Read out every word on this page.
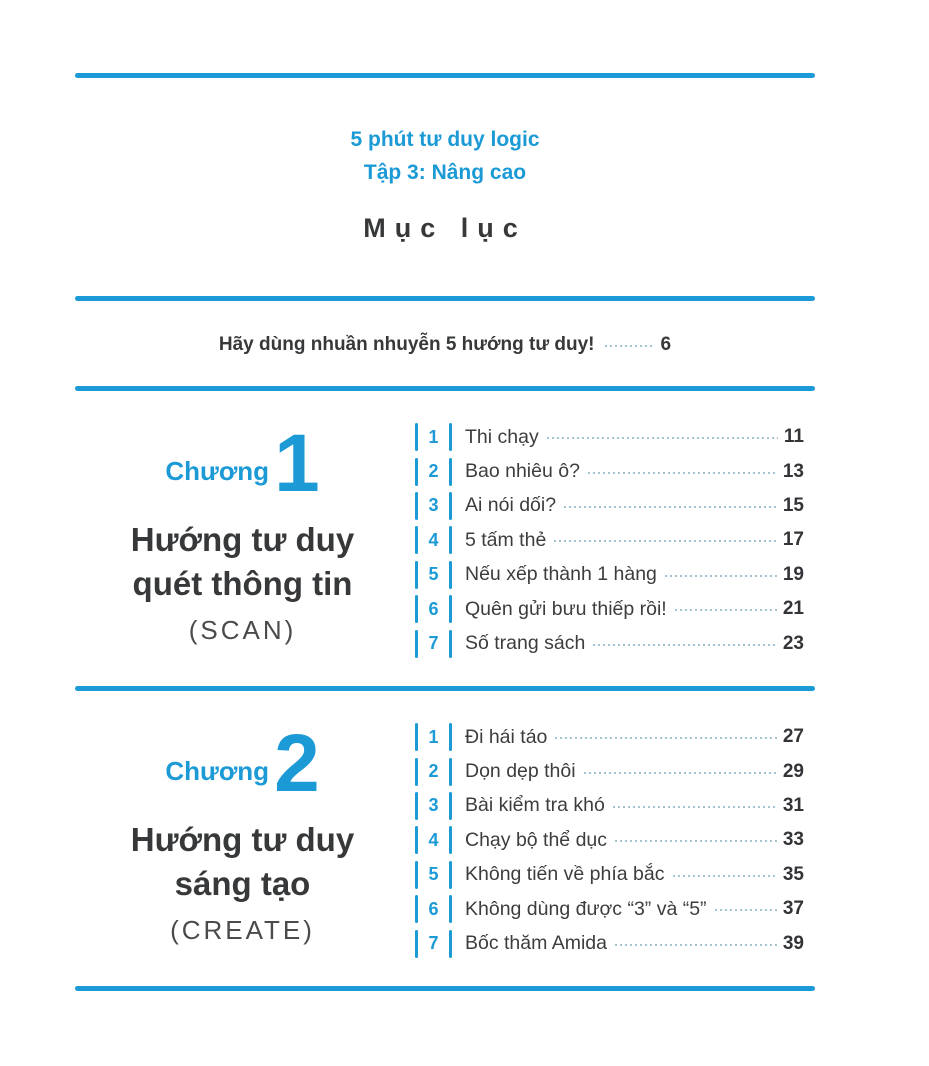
5 phút tư duy logic
Tập 3: Nâng cao
Mục lục
Hãy dùng nhuần nhuyễn 5 hướng tư duy!	6
Chương 1
Hướng tư duy
quét thông tin
(SCAN)
1	Thi chạy	11
2	Bao nhiêu ô?	13
3	Ai nói dối?	15
4	5 tấm thẻ	17
5	Nếu xếp thành 1 hàng	19
6	Quên gửi bưu thiếp rồi!	21
7	Số trang sách	23
Chương 2
Hướng tư duy
sáng tạo
(CREATE)
1	Đi hái táo	27
2	Dọn dẹp thôi	29
3	Bài kiểm tra khó	31
4	Chạy bộ thể dục	33
5	Không tiến về phía bắc	35
6	Không dùng được “3” và “5”	37
7	Bốc thăm Amida	39
